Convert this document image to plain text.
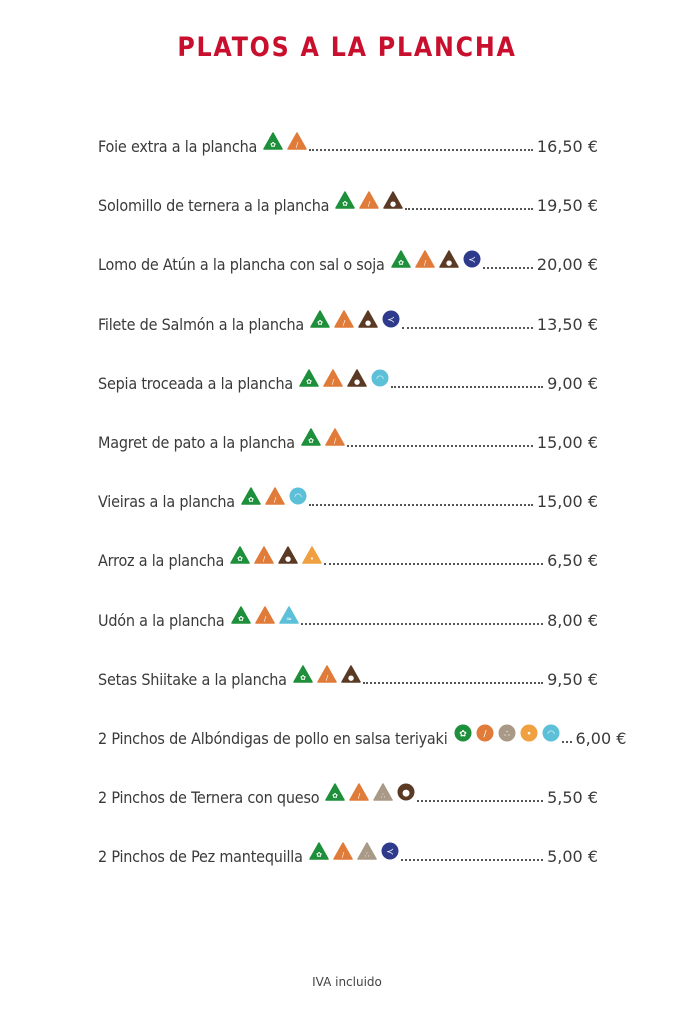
PLATOS A LA PLANCHA
Foie extra a la plancha ✿	/	16,50 €
Solomillo de ternera a la plancha ✿	/	●	19,50 €
Lomo de Atún a la plancha con sal o soja ✿	/	● ≺	20,00 €
Filete de Salmón a la plancha ✿	/	● ≺	13,50 €
Sepia troceada a la plancha ✿	/	● ◠	9,00 €
Magret de pato a la plancha ✿	/	15,00 €
Vieiras a la plancha ✿	/ ◠	15,00 €
Arroz a la plancha ✿	/	●	•	6,50 €
Udón a la plancha ✿	/	≈	8,00 €
Setas Shiitake a la plancha ✿	/	●	9,50 €
2 Pinchos de Albóndigas de pollo en salsa teriyaki ✿ / ∴ • ◠ 6,00 €
2 Pinchos de Ternera con queso ✿	/	∴ ●	5,50 €
2 Pinchos de Pez mantequilla ✿	/	∴ ≺	5,00 €
IVA incluido
